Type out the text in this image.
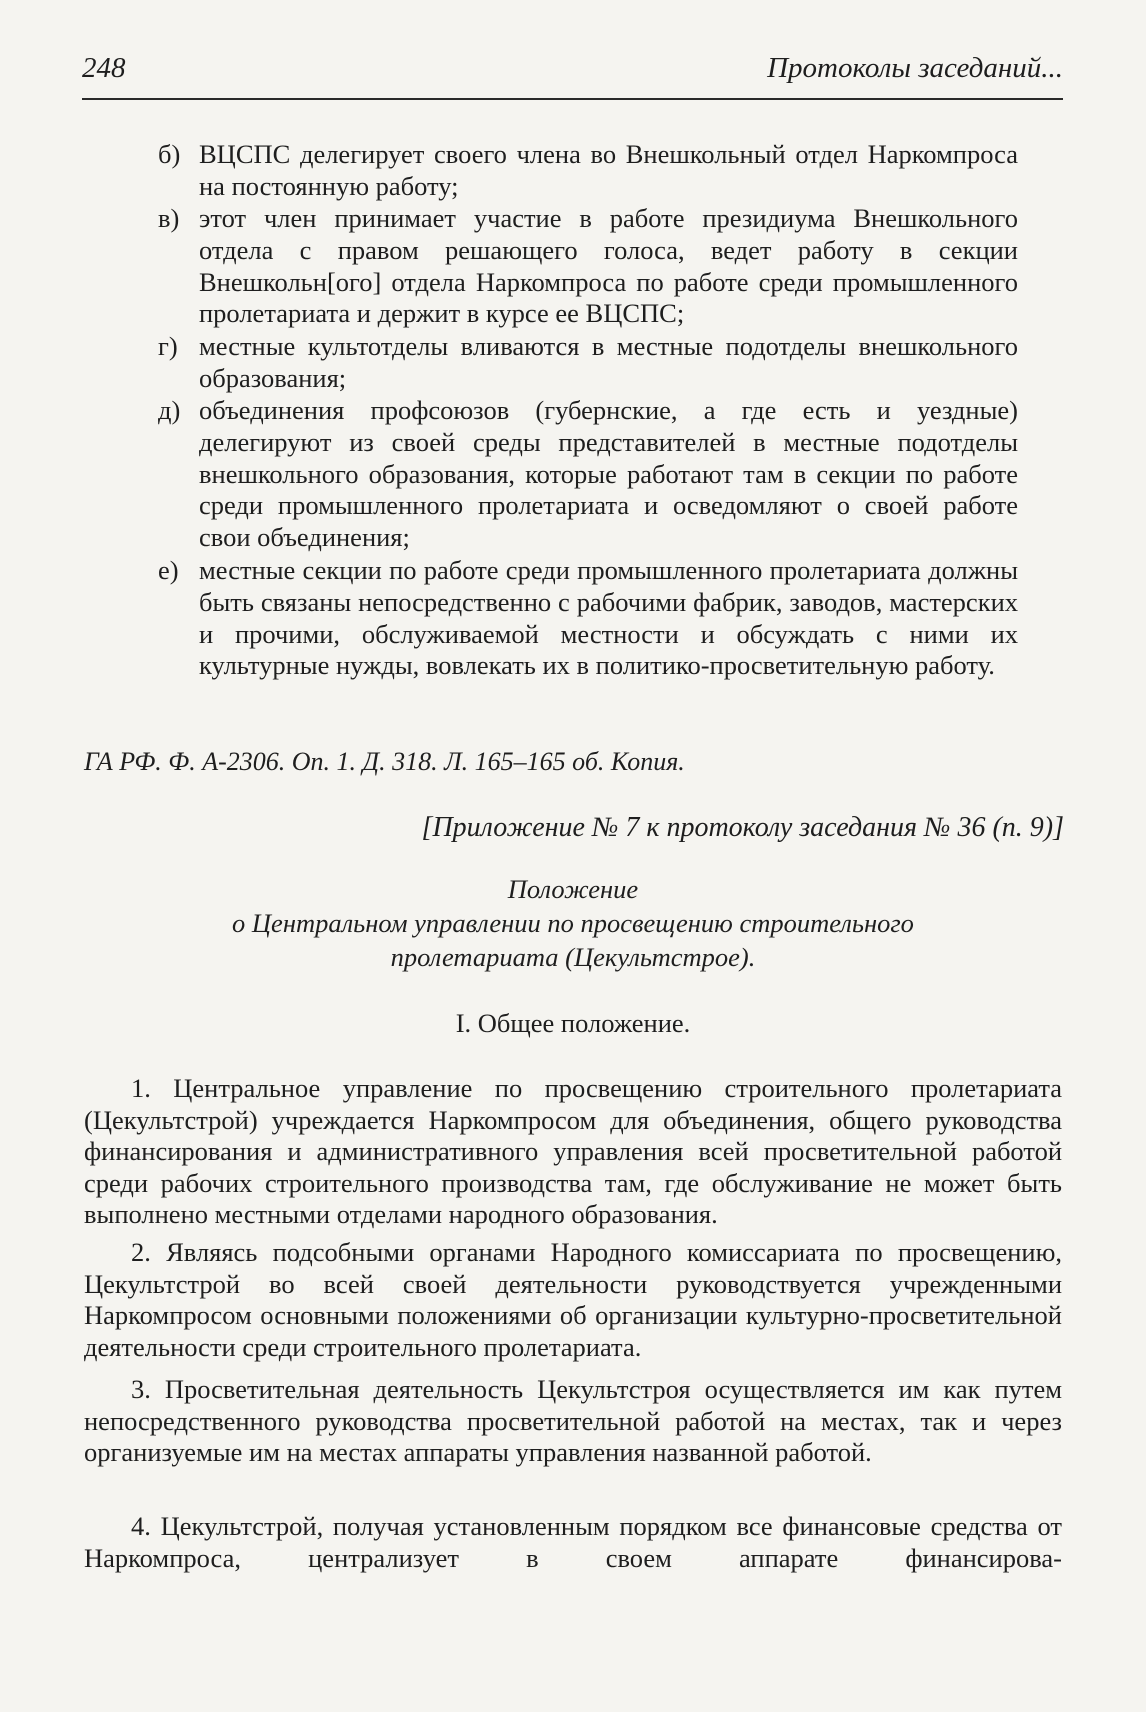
248	Протоколы заседаний...
б) ВЦСПС делегирует своего члена во Внешкольный отдел Наркомпроса на постоянную работу;
в) этот член принимает участие в работе президиума Внешкольного отдела с правом решающего голоса, ведет работу в секции Внешкольн[ого] отдела Наркомпроса по работе среди промышленного пролетариата и держит в курсе ее ВЦСПС;
г) местные культотделы вливаются в местные подотделы внешкольного образования;
д) объединения профсоюзов (губернские, а где есть и уездные) делегируют из своей среды представителей в местные подотделы внешкольного образования, которые работают там в секции по работе среди промышленного пролетариата и осведомляют о своей работе свои объединения;
е) местные секции по работе среди промышленного пролетариата должны быть связаны непосредственно с рабочими фабрик, заводов, мастерских и прочими, обслуживаемой местности и обсуждать с ними их культурные нужды, вовлекать их в политико-просветительную работу.
ГА РФ. Ф. А-2306. Оп. 1. Д. 318. Л. 165–165 об. Копия.
[Приложение № 7 к протоколу заседания № 36 (п. 9)]
Положение
о Центральном управлении по просвещению строительного
пролетариата (Цекультстрое).
I. Общее положение.
1. Центральное управление по просвещению строительного пролетариата (Цекультстрой) учреждается Наркомпросом для объединения, общего руководства финансирования и административного управления всей просветительной работой среди рабочих строительного производства там, где обслуживание не может быть выполнено местными отделами народного образования.
2. Являясь подсобными органами Народного комиссариата по просвещению, Цекультстрой во всей своей деятельности руководствуется учрежденными Наркомпросом основными положениями об организации культурно-просветительной деятельности среди строительного пролетариата.
3. Просветительная деятельность Цекультстроя осуществляется им как путем непосредственного руководства просветительной работой на местах, так и через организуемые им на местах аппараты управления названной работой.
4. Цекультстрой, получая установленным порядком все финансовые средства от Наркомпроса, централизует в своем аппарате финансирова-
